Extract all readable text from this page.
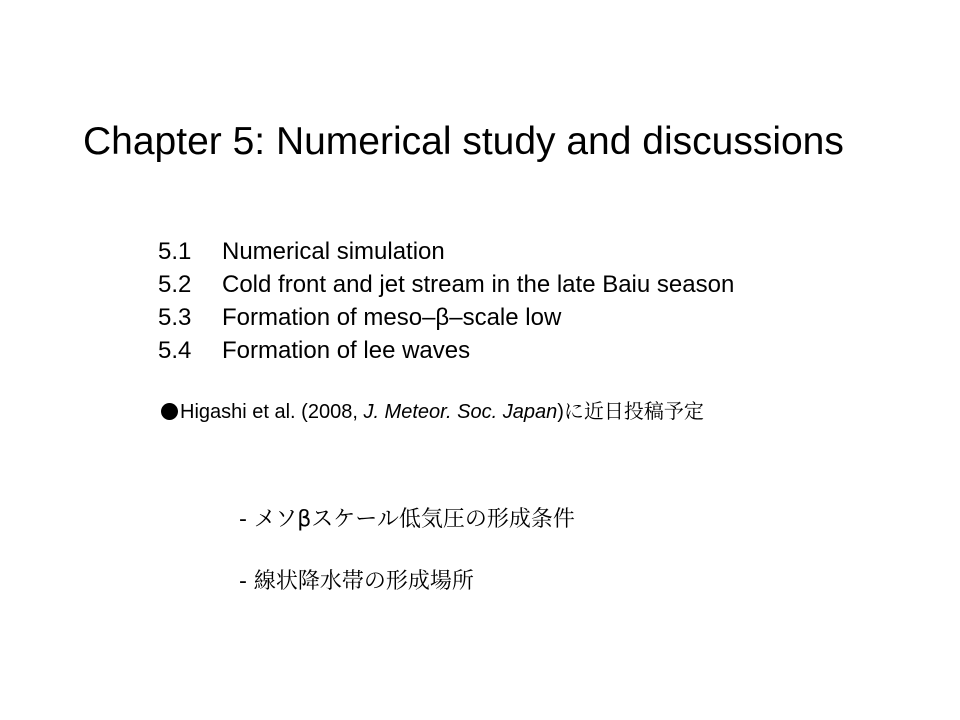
Chapter 5: Numerical study and discussions
5.1 Numerical simulation
5.2 Cold front and jet stream in the late Baiu season
5.3 Formation of meso–β–scale low
5.4 Formation of lee waves
Higashi et al. (2008, J. Meteor. Soc. Japan)に近日投稿予定
- メソβスケール低気圧の形成条件
- 線状降水帯の形成場所
